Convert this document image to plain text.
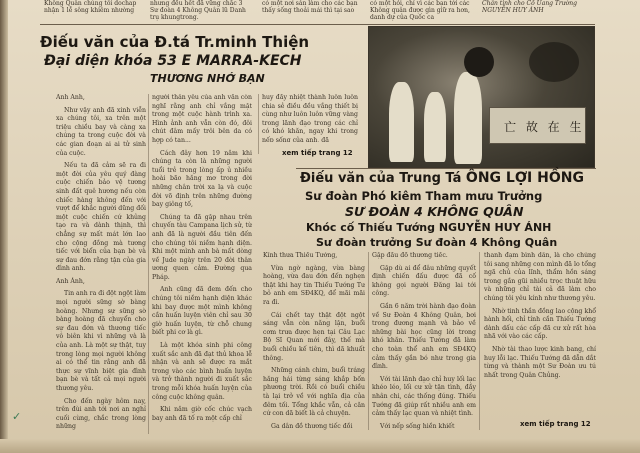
Không Quân chúng tôi dochap nhận 1 lễ sông khiêm nhường
nhưng đều hết đã vững chẵc 3 Sư đoàn 4 Không Quân lũ Danh trụ khungtrong.
có một nơi sản làm cho các bạn thấy sống thoải mái thì tại sao
có một hỏi, chỉ vì các bạn tới các Không quân được gìn giữ ra hơn, danh dự của Quốc ca
Chân tình cho Cố Uang Trường NGUYỄN HUY ÁNH
Điếu văn của Đ.tá Tr.minh Thiện
Đại diện khóa 53 E MARRA-KECH
THƯƠNG NHỚ BẠN

Anh Ánh,

Như vậy anh đã xinh viễn xa chúng tôi, xa trên một triệu chiều bay và càng xa chúng ta trong cuộc đời và các gian đoạn ai ai tử sinh của cuộc.

Nếu ta đã cảm sẽ ra đi một đời của yêu quý đàng cuộc chiến bảo vệ tương sinh đất quê hương nếu còn chiếc hàng không đến với vượt để khắc người dũng đối một cuộc chiến cứ khủng tạo ra và dành thịnh, thì chẳng sự mất mát lớn lao cho cộng đồng mà tương tiếc với biển của bạn bè và sự đau đớn rằng tận của gia đình anh.

Anh Ánh,

Tin anh ra đi đột ngột làm mọi người sững sờ bàng hoàng. Nhưng sự sững sờ bàng hoàng đã chuyển cho sự đau đớn và thương tiếc vô biên khi vì những và là của anh. Là một sự thật, tuy trong lòng mọi người không ai có thể tin rằng anh đã thực sự vĩnh biệt gia đình bạn bè và tất cả mọi người thương yêu.

Cho đến ngày hôm nay, trên đùi anh tới nơi an nghỉ cuối cùng, chắc trong lòng những

người thân yêu của anh vẫn còn nghĩ rằng anh chỉ vắng mặt trong một cuộc hành trình xa. Hình ảnh anh vẫn còn đó, đôi chút đâm mấy trôi bên da có hợp có tan...

Cách đây hơn 19 năm khi chúng ta còn là những người tuổi trẻ trong lòng ấp ủ nhiều hoài bão hăng mơ trong đời những chân trời xa lạ và cuộc đời võ định trên những đường bay giông tố,

Chúng ta đã gặp nhau trên chuyến tàu Campana lịch sử, từ anh đã là người đầu tiên đến cho chúng tôi niềm hạnh diện. Khi một mình anh bà mất dòng về Jude ngày trên 20 đời thân ương quen cảm. Đường qua Pháp.

Anh cũng đã đem đến cho chúng tôi niềm hạnh diện khác khi bay được một mình không cần huấn luyện viên chỉ sau 30 giờ huấn luyện, từ chỗ chung biết phi cơ là gì.

Là một khóa sinh phi công xuất sắc anh đã đạt thủ khoa lễ nhận và anh sẽ được ra mắt trong vào các bình huấn luyện và trở thành người đi xuất sắc trong mỗi khóa huấn luyện của công cuộc không quân.

Khi năm giờ cốc chúc vạch bay anh đã tố ra một cấp chỉ

huy đầy nhiệt thành luôn luôn chia sẻ điều đều vắng thiết bị cùng như luôn luôn vững vàng trong lãnh đạo trong các chỉ có khó khăn, ngay khi trong nếp sống của anh, đã

xem tiếp trang 12
亡 故 在 生
Điếu văn của Trung Tá ÔNG LỢI HỒNG
Sư đoàn Phó kiêm Tham mưu Trưởng
SƯ ĐOÀN 4 KHÔNG QUÂN
Khóc cố Thiếu Tướng NGUYỄN HUY ÁNH
Sư đoàn trưởng Sư đoàn 4 Không Quân

Kính thưa Thiếu Tướng,

Vừa ngờ ngàng, vừa bàng hoàng, vừa đau đớn đến nghẹn thật khi hay tin Thiếu Tướng Tư bỏ anh em SĐ4KQ, để mãi mãi ra đi.

Cái chết tay thật đột ngột sáng vẫn còn năng lặn, buổi cơm trưa được hẹn tại Câu Lạc Bộ Sĩ Quan mới đây, thế mà buổi chiều kế tiên, thì dã khuất thông.

Những cánh chim, buổi tráng hăng hái từng sáng khắp bốn phương trời. Rồi có buổi chiều tà lại trở về với nghĩa địa của đêm tối. Tổng khắc vẫn, cả căn cứ con dã biết là cả chuyện.

Ga dân đồ thương tiếc đồi

Gặp đầu đồ thương tiếc.

Gặp dù ai để đâu những quyết định chiến đấu được đã cố không gọi người Đăng lai tới công.

Gần 6 năm trời hành đạo đoàn về Sư Đoàn 4 Không Quân, bơi trong đương mạnh và bảo về những bài học cũng lời trong khó khăn. Thiếu Tướng đã làm cho toàn thể anh em SĐ4KQ cảm thấy gắn bó như trong gia đình.

Với tài lãnh đạo chỉ huy lối lạc khéo léo, lối cư xử tận tình, đầy nhân chi, các thống đúng. Thiếu Tướng đã giúp rất nhiều anh em cảm thấy lạc quan và nhiệt tình.

Với nếp sống hiền khiết

thanh đạm bình dân, là cho chúng tôi sang những con mình đã lo tổng ngã chủ của lĩnh, thẩm hồn sáng trong gần gũi nhiều trọc thuật hữu và những chỉ tài cả đã làm cho chúng tôi yêu kính như thương yêu.

Nhờ tinh thần đồng lao cộng khổ hành hối, chỉ tính cần Thiếu Tướng dành dấu các cấp đã cư xử rất hòa nhã với vào các cấp.

Nhờ tài thao lược kinh bang, chí huy lỗi lạc. Thiếu Tướng đã dẫn dắt từng và thành một Sư Đoàn ưu tú nhất trong Quân Chủng.

xem tiếp trang 12
✓
